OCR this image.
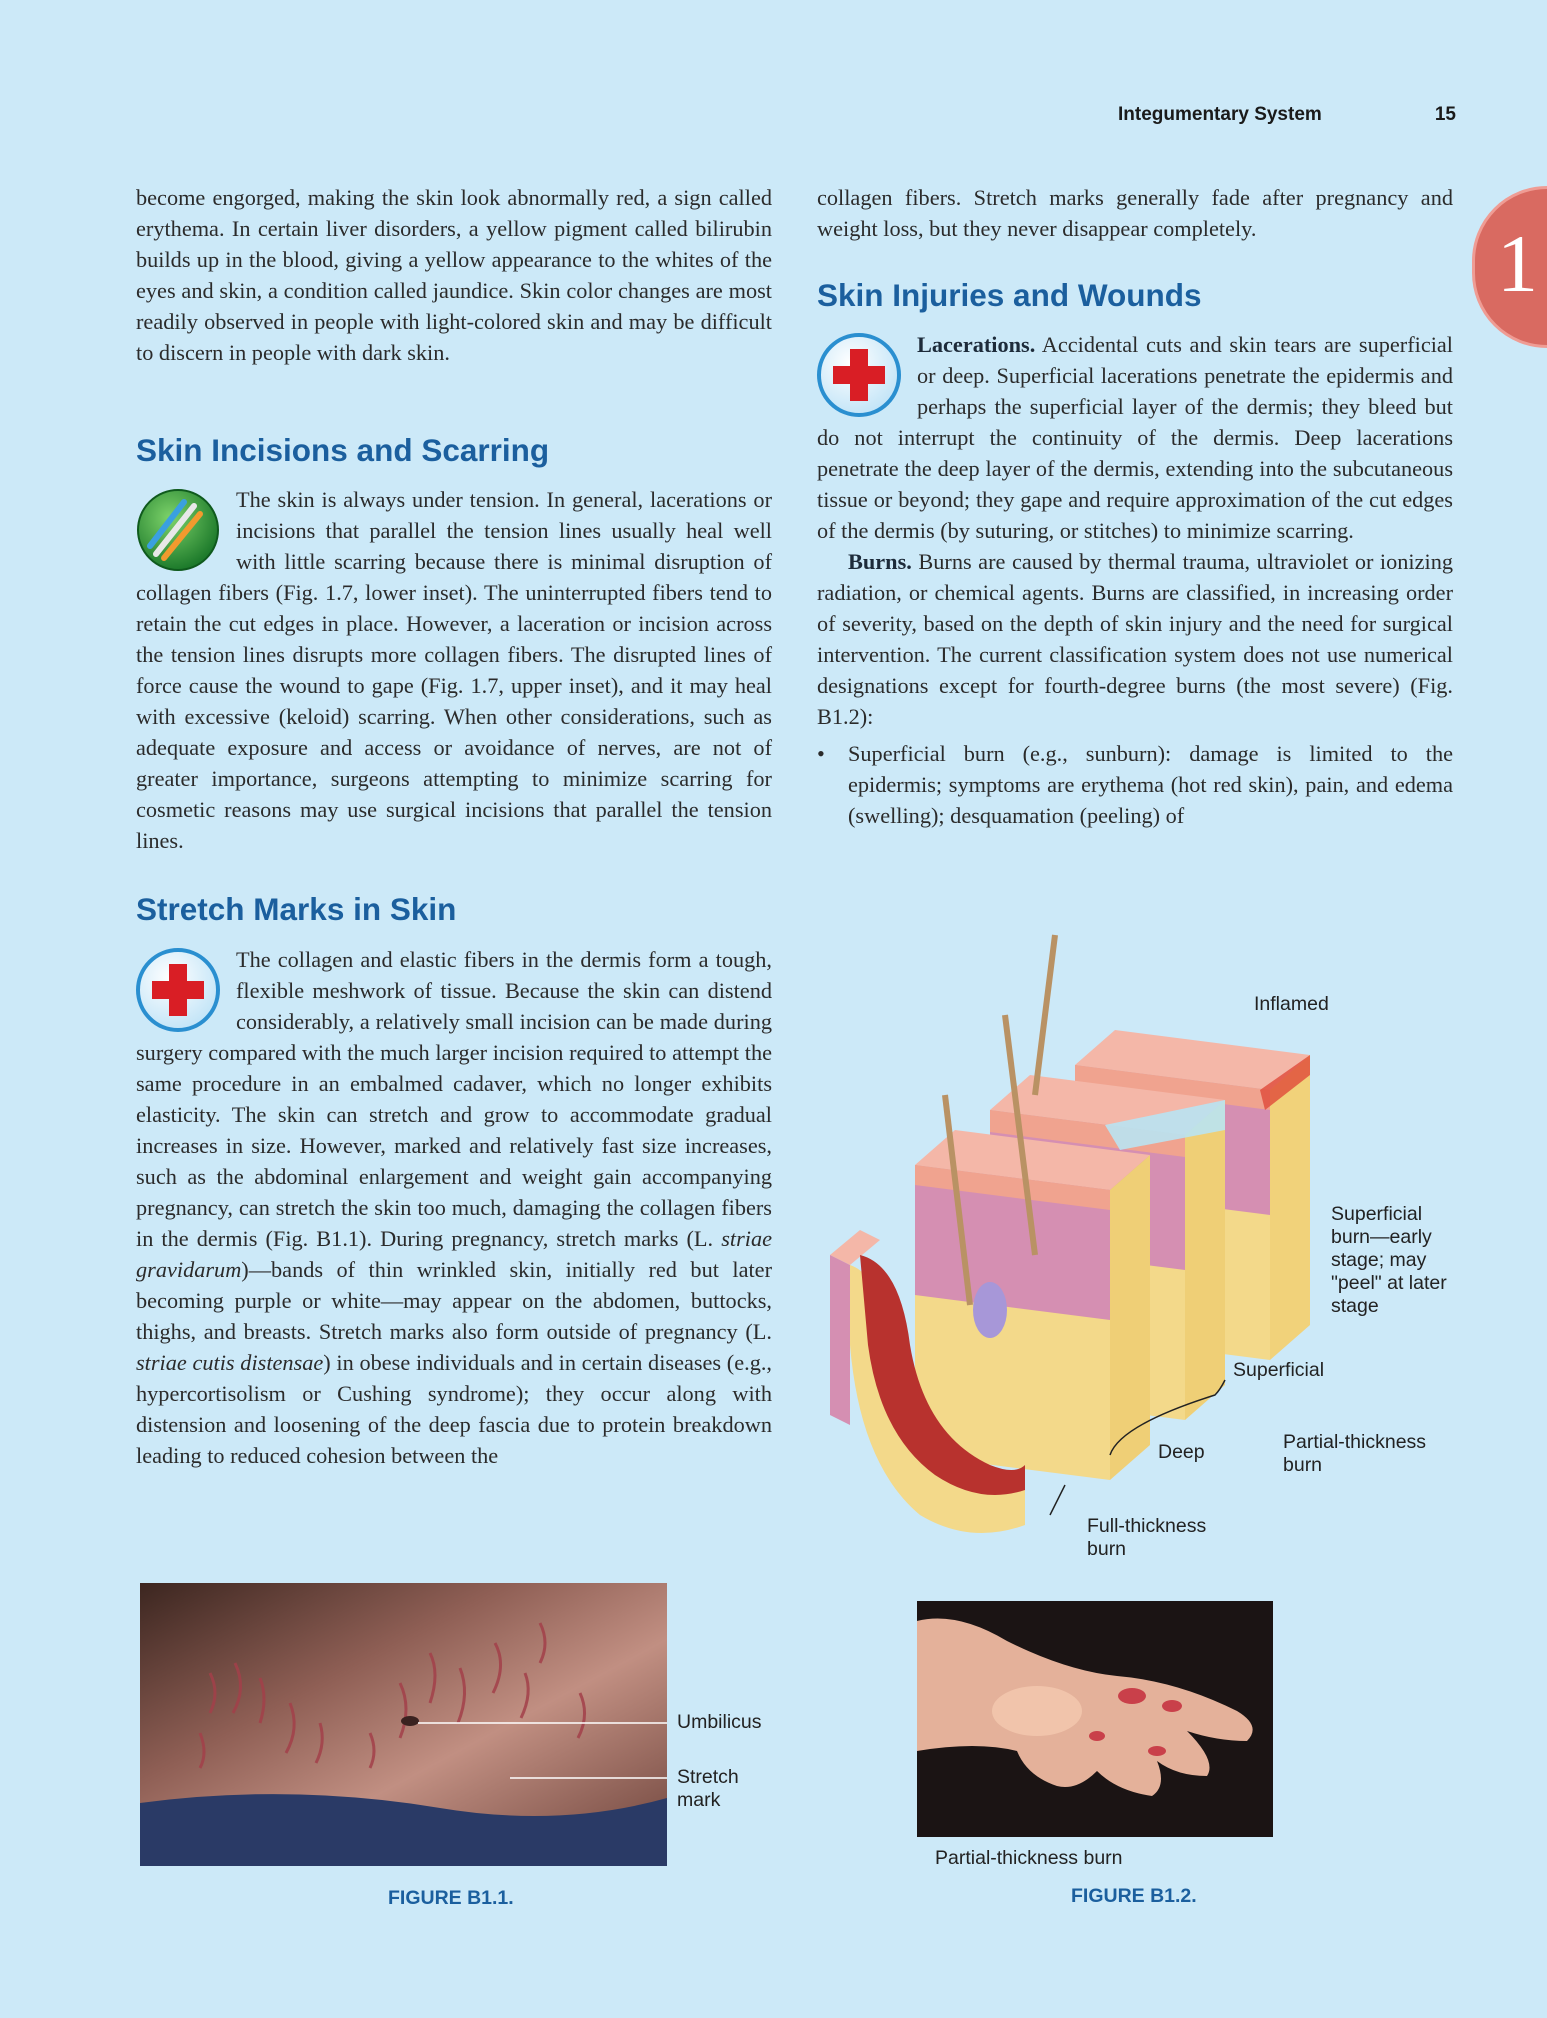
Integumentary System	15
1

become engorged, making the skin look abnormally red, a sign called erythema. In certain liver disorders, a yellow pigment called bilirubin builds up in the blood, giving a yellow appearance to the whites of the eyes and skin, a condition called jaundice. Skin color changes are most readily observed in people with light-colored skin and may be difficult to discern in people with dark skin.

Skin Incisions and Scarring

The skin is always under tension. In general, lacerations or incisions that parallel the tension lines usually heal well with little scarring because there is minimal disruption of collagen fibers (Fig. 1.7, lower inset). The uninterrupted fibers tend to retain the cut edges in place. However, a laceration or incision across the tension lines disrupts more collagen fibers. The disrupted lines of force cause the wound to gape (Fig. 1.7, upper inset), and it may heal with excessive (keloid) scarring. When other considerations, such as adequate exposure and access or avoidance of nerves, are not of greater importance, surgeons attempting to minimize scarring for cosmetic reasons may use surgical incisions that parallel the tension lines.

Stretch Marks in Skin

The collagen and elastic fibers in the dermis form a tough, flexible meshwork of tissue. Because the skin can distend considerably, a relatively small incision can be made during surgery compared with the much larger incision required to attempt the same procedure in an embalmed cadaver, which no longer exhibits elasticity. The skin can stretch and grow to accommodate gradual increases in size. However, marked and relatively fast size increases, such as the abdominal enlargement and weight gain accompanying pregnancy, can stretch the skin too much, damaging the collagen fibers in the dermis (Fig. B1.1). During pregnancy, stretch marks (L. striae gravidarum)—bands of thin wrinkled skin, initially red but later becoming purple or white—may appear on the abdomen, buttocks, thighs, and breasts. Stretch marks also form outside of pregnancy (L. striae cutis distensae) in obese individuals and in certain diseases (e.g., hypercortisolism or Cushing syndrome); they occur along with distension and loosening of the deep fascia due to protein breakdown leading to reduced cohesion between the

collagen fibers. Stretch marks generally fade after pregnancy and weight loss, but they never disappear completely.

Skin Injuries and Wounds

Lacerations. Accidental cuts and skin tears are superficial or deep. Superficial lacerations penetrate the epidermis and perhaps the superficial layer of the dermis; they bleed but do not interrupt the continuity of the dermis. Deep lacerations penetrate the deep layer of the dermis, extending into the subcutaneous tissue or beyond; they gape and require approximation of the cut edges of the dermis (by suturing, or stitches) to minimize scarring.

Burns. Burns are caused by thermal trauma, ultraviolet or ionizing radiation, or chemical agents. Burns are classified, in increasing order of severity, based on the depth of skin injury and the need for surgical intervention. The current classification system does not use numerical designations except for fourth-degree burns (the most severe) (Fig. B1.2):

• Superficial burn (e.g., sunburn): damage is limited to the epidermis; symptoms are erythema (hot red skin), pain, and edema (swelling); desquamation (peeling) of

Inflamed
Superficial burn—early stage; may "peel" at later stage
Superficial
Deep	Partial-thickness burn
Full-thickness burn
Umbilicus
Stretch mark
FIGURE B1.1.
Partial-thickness burn
FIGURE B1.2.
